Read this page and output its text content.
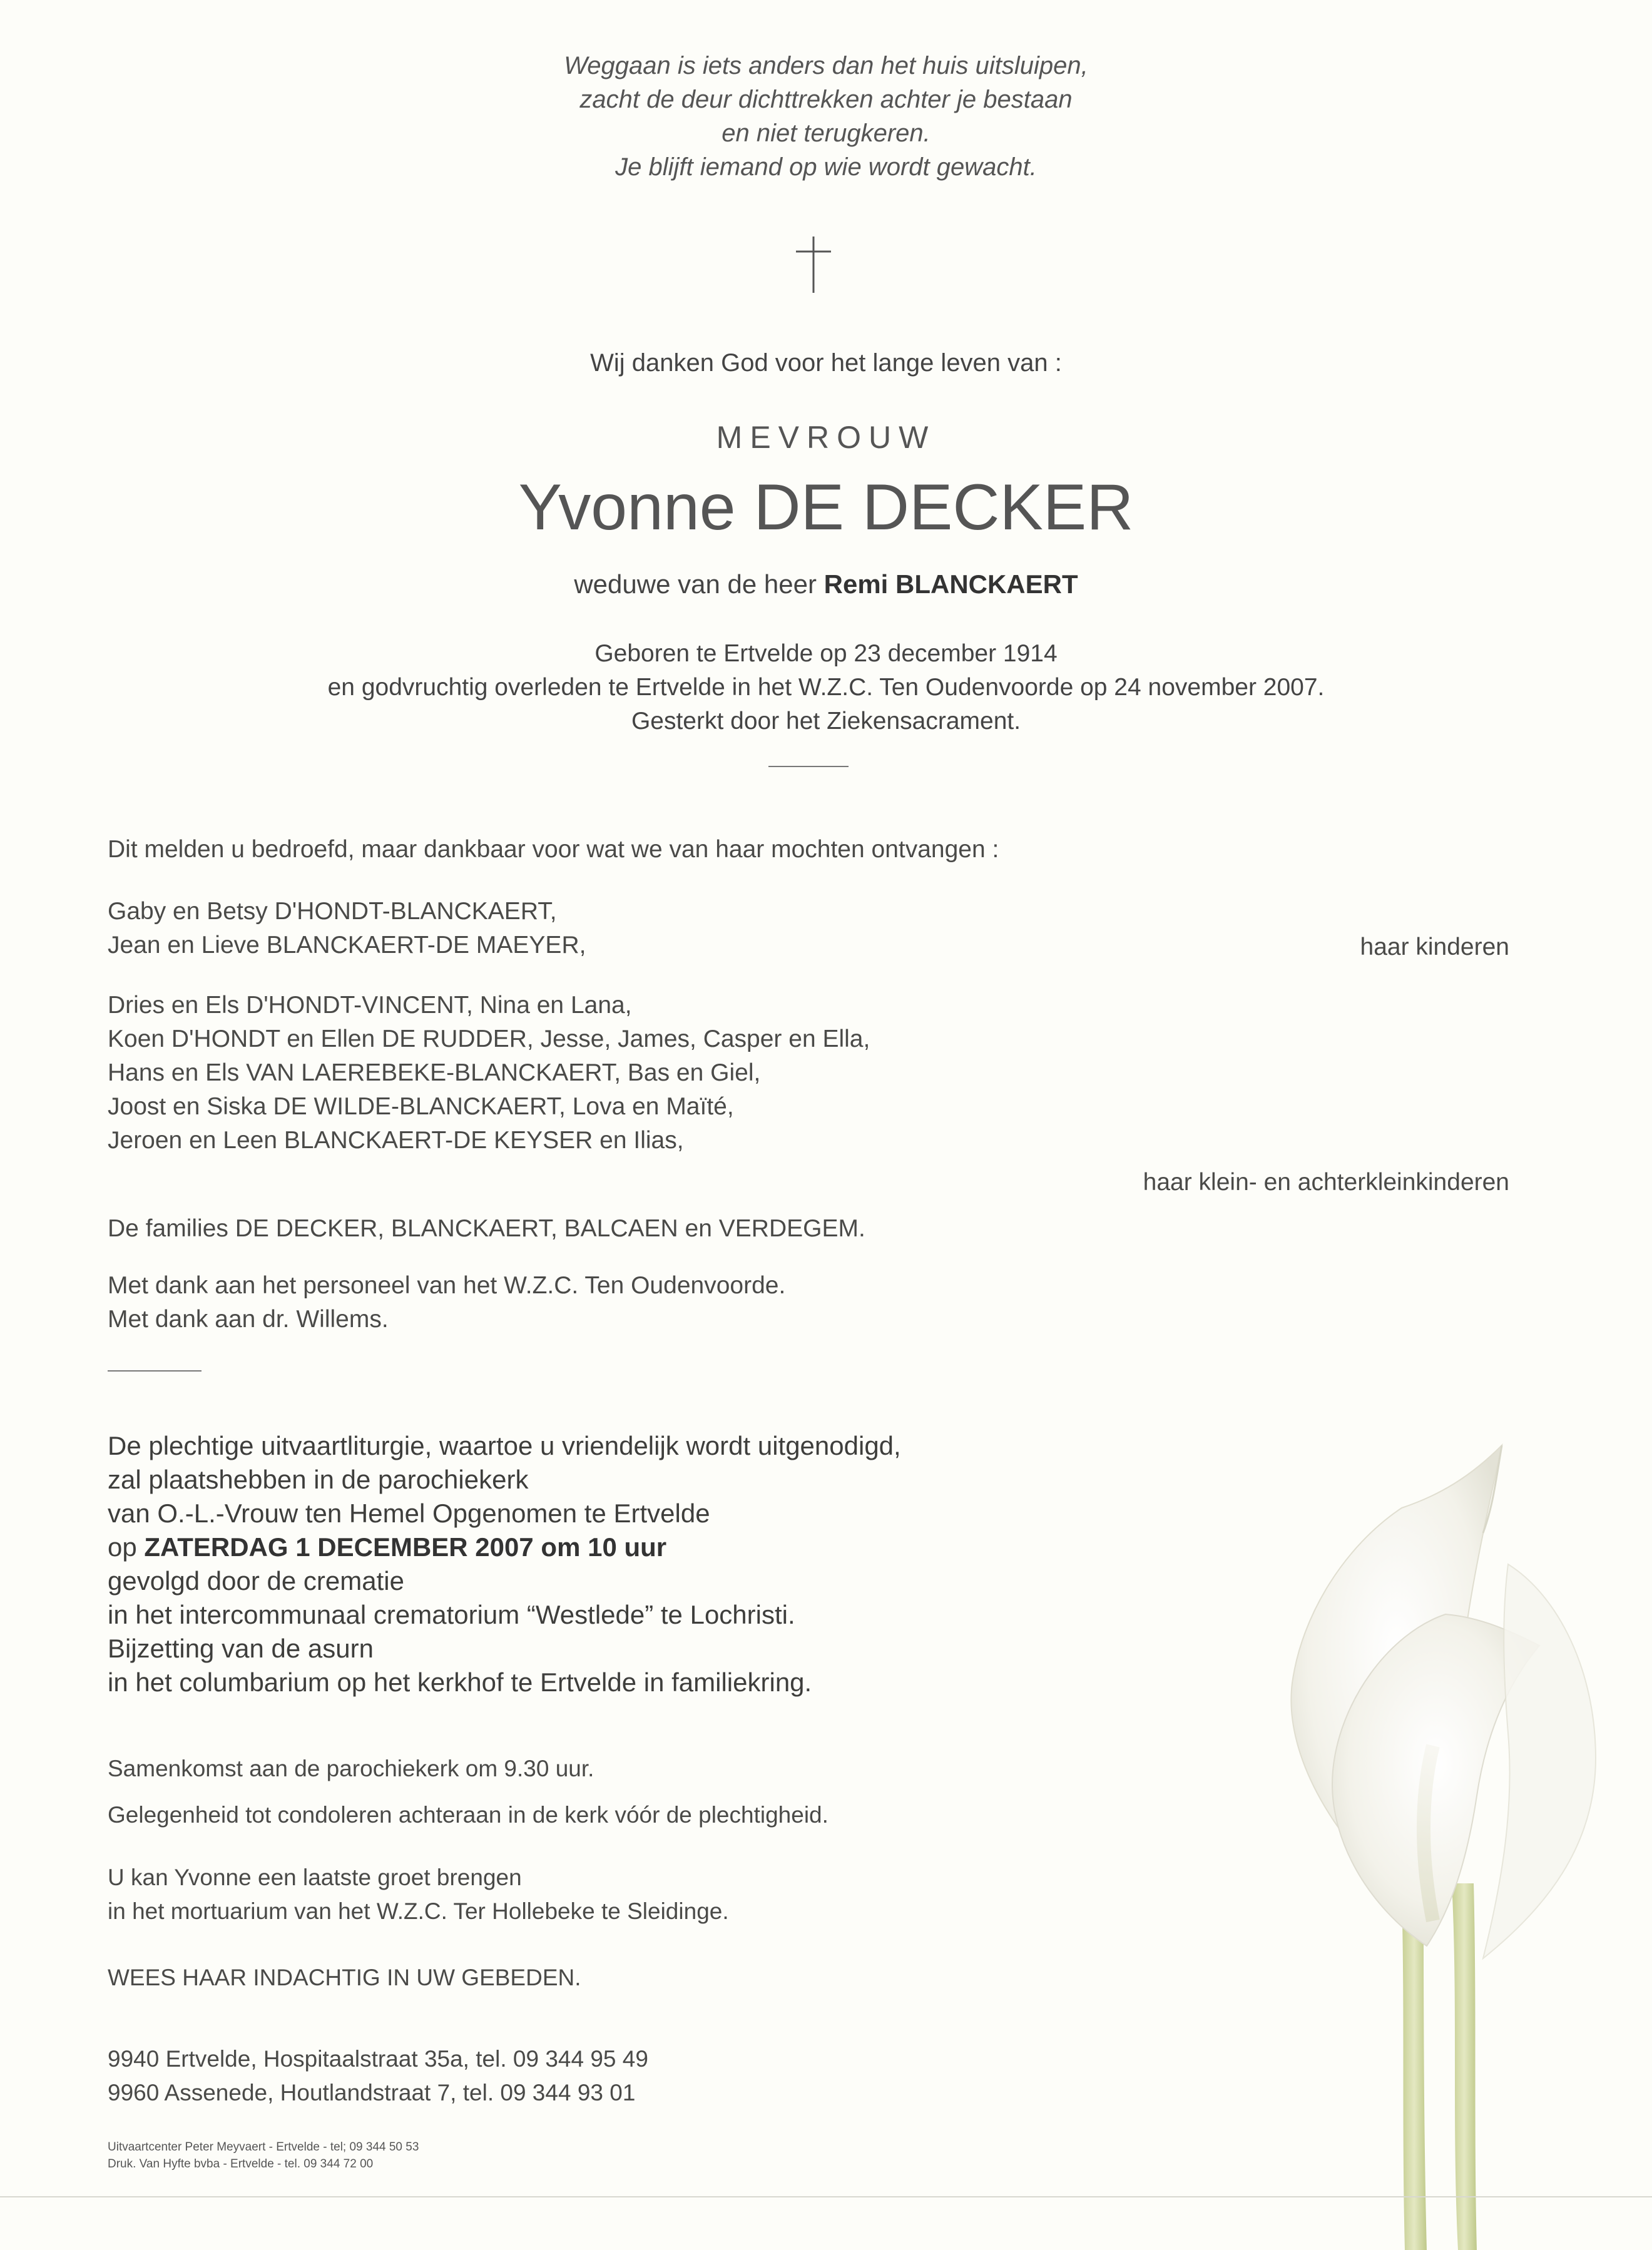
Weggaan is iets anders dan het huis uitsluipen,
zacht de deur dichttrekken achter je bestaan
en niet terugkeren.
Je blijft iemand op wie wordt gewacht.
Wij danken God voor het lange leven van :
MEVROUW
Yvonne DE DECKER
weduwe van de heer Remi BLANCKAERT
Geboren te Ertvelde op 23 december 1914
en godvruchtig overleden te Ertvelde in het W.Z.C. Ten Oudenvoorde op 24 november 2007.
Gesterkt door het Ziekensacrament.
Dit melden u bedroefd, maar dankbaar voor wat we van haar mochten ontvangen :
Gaby en Betsy D'HONDT-BLANCKAERT,
Jean en Lieve BLANCKAERT-DE MAEYER,	haar kinderen
Dries en Els D'HONDT-VINCENT, Nina en Lana,
Koen D'HONDT en Ellen DE RUDDER, Jesse, James, Casper en Ella,
Hans en Els VAN LAEREBEKE-BLANCKAERT, Bas en Giel,
Joost en Siska DE WILDE-BLANCKAERT, Lova en Maïté,
Jeroen en Leen BLANCKAERT-DE KEYSER en Ilias,
haar klein- en achterkleinkinderen
De families DE DECKER, BLANCKAERT, BALCAEN en VERDEGEM.
Met dank aan het personeel van het W.Z.C. Ten Oudenvoorde.
Met dank aan dr. Willems.
De plechtige uitvaartliturgie, waartoe u vriendelijk wordt uitgenodigd,
zal plaatshebben in de parochiekerk
van O.-L.-Vrouw ten Hemel Opgenomen te Ertvelde
op ZATERDAG 1 DECEMBER 2007 om 10 uur
gevolgd door de crematie
in het intercommunaal crematorium “Westlede” te Lochristi.
Bijzetting van de asurn
in het columbarium op het kerkhof te Ertvelde in familiekring.
Samenkomst aan de parochiekerk om 9.30 uur.
Gelegenheid tot condoleren achteraan in de kerk vóór de plechtigheid.
U kan Yvonne een laatste groet brengen
in het mortuarium van het W.Z.C. Ter Hollebeke te Sleidinge.
WEES HAAR INDACHTIG IN UW GEBEDEN.
9940 Ertvelde, Hospitaalstraat 35a, tel. 09 344 95 49
9960 Assenede, Houtlandstraat 7, tel. 09 344 93 01
Uitvaartcenter Peter Meyvaert - Ertvelde - tel; 09 344 50 53
Druk. Van Hyfte bvba - Ertvelde - tel. 09 344 72 00
